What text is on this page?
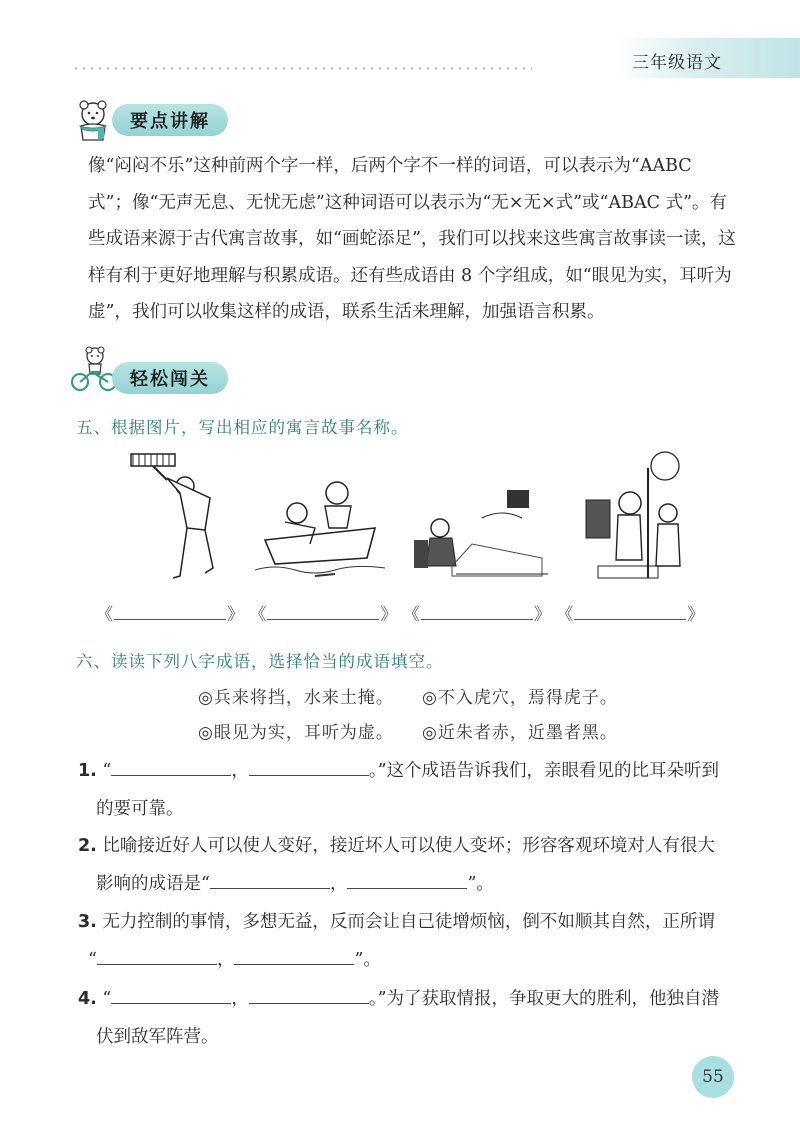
三年级语文
要点讲解
像“闷闷不乐”这种前两个字一样，后两个字不一样的词语，可以表示为“AABC
式”；像“无声无息、无忧无虑”这种词语可以表示为“无×无×式”或“ABAC 式”。有
些成语来源于古代寓言故事，如“画蛇添足”，我们可以找来这些寓言故事读一读，这
样有利于更好地理解与积累成语。还有些成语由 8 个字组成，如“眼见为实，耳听为
虚”，我们可以收集这样的成语，联系生活来理解，加强语言积累。
轻松闯关
五、根据图片，写出相应的寓言故事名称。
《	》 《	》 《	》 《	》
六、读读下列八字成语，选择恰当的成语填空。
◎兵来将挡，水来土掩。 ◎不入虎穴，焉得虎子。
◎眼见为实，耳听为虚。 ◎近朱者赤，近墨者黑。
1. “	，	。”这个成语告诉我们，亲眼看见的比耳朵听到
的要可靠。
2. 比喻接近好人可以使人变好，接近坏人可以使人变坏；形容客观环境对人有很大
影响的成语是“	，	”。
3. 无力控制的事情，多想无益，反而会让自己徒增烦恼，倒不如顺其自然，正所谓
“	，	”。
4. “	，	。”为了获取情报，争取更大的胜利，他独自潜
伏到敌军阵营。
55
